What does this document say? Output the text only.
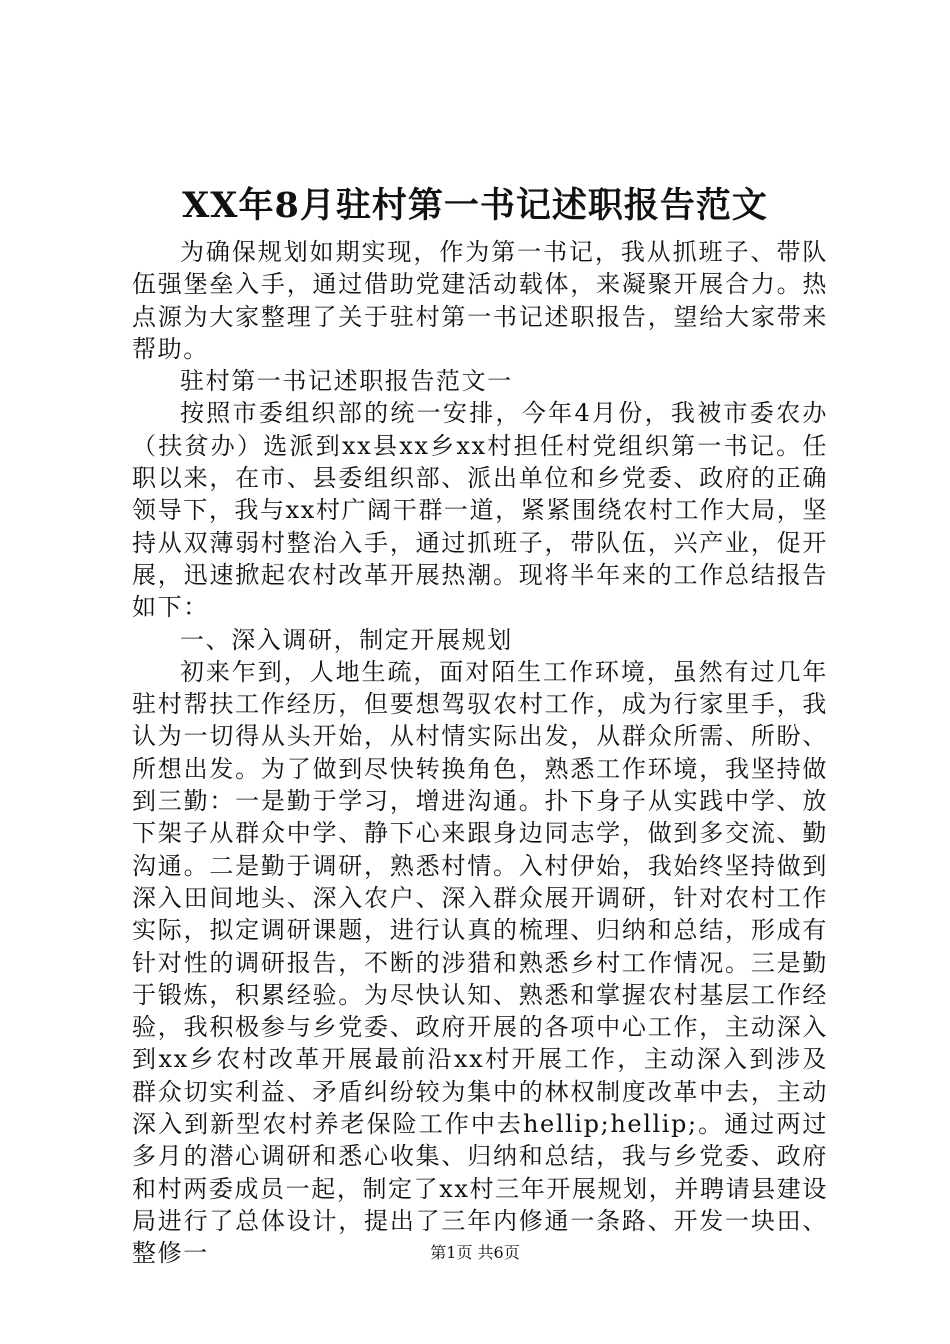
XX年8月驻村第一书记述职报告范文

为确保规划如期实现，作为第一书记，我从抓班子、带队伍强堡垒入手，通过借助党建活动载体，来凝聚开展合力。热点源为大家整理了关于驻村第一书记述职报告，望给大家带来帮助。

驻村第一书记述职报告范文一

按照市委组织部的统一安排，今年4月份，我被市委农办（扶贫办）选派到xx县xx乡xx村担任村党组织第一书记。任职以来，在市、县委组织部、派出单位和乡党委、政府的正确领导下，我与xx村广阔干群一道，紧紧围绕农村工作大局，坚持从双薄弱村整治入手，通过抓班子，带队伍，兴产业，促开展，迅速掀起农村改革开展热潮。现将半年来的工作总结报告如下：

一、深入调研，制定开展规划

初来乍到，人地生疏，面对陌生工作环境，虽然有过几年驻村帮扶工作经历，但要想驾驭农村工作，成为行家里手，我认为一切得从头开始，从村情实际出发，从群众所需、所盼、所想出发。为了做到尽快转换角色，熟悉工作环境，我坚持做到三勤：一是勤于学习，增进沟通。扑下身子从实践中学、放下架子从群众中学、静下心来跟身边同志学，做到多交流、勤沟通。二是勤于调研，熟悉村情。入村伊始，我始终坚持做到深入田间地头、深入农户、深入群众展开调研，针对农村工作实际，拟定调研课题，进行认真的梳理、归纳和总结，形成有针对性的调研报告，不断的涉猎和熟悉乡村工作情况。三是勤于锻炼，积累经验。为尽快认知、熟悉和掌握农村基层工作经验，我积极参与乡党委、政府开展的各项中心工作，主动深入到xx乡农村改革开展最前沿xx村开展工作，主动深入到涉及群众切实利益、矛盾纠纷较为集中的林权制度改革中去，主动深入到新型农村养老保险工作中去hellip;hellip;。通过两过多月的潜心调研和悉心收集、归纳和总结，我与乡党委、政府和村两委成员一起，制定了xx村三年开展规划，并聘请县建设局进行了总体设计，提出了三年内修通一条路、开发一块田、整修一	第1页 共6页
